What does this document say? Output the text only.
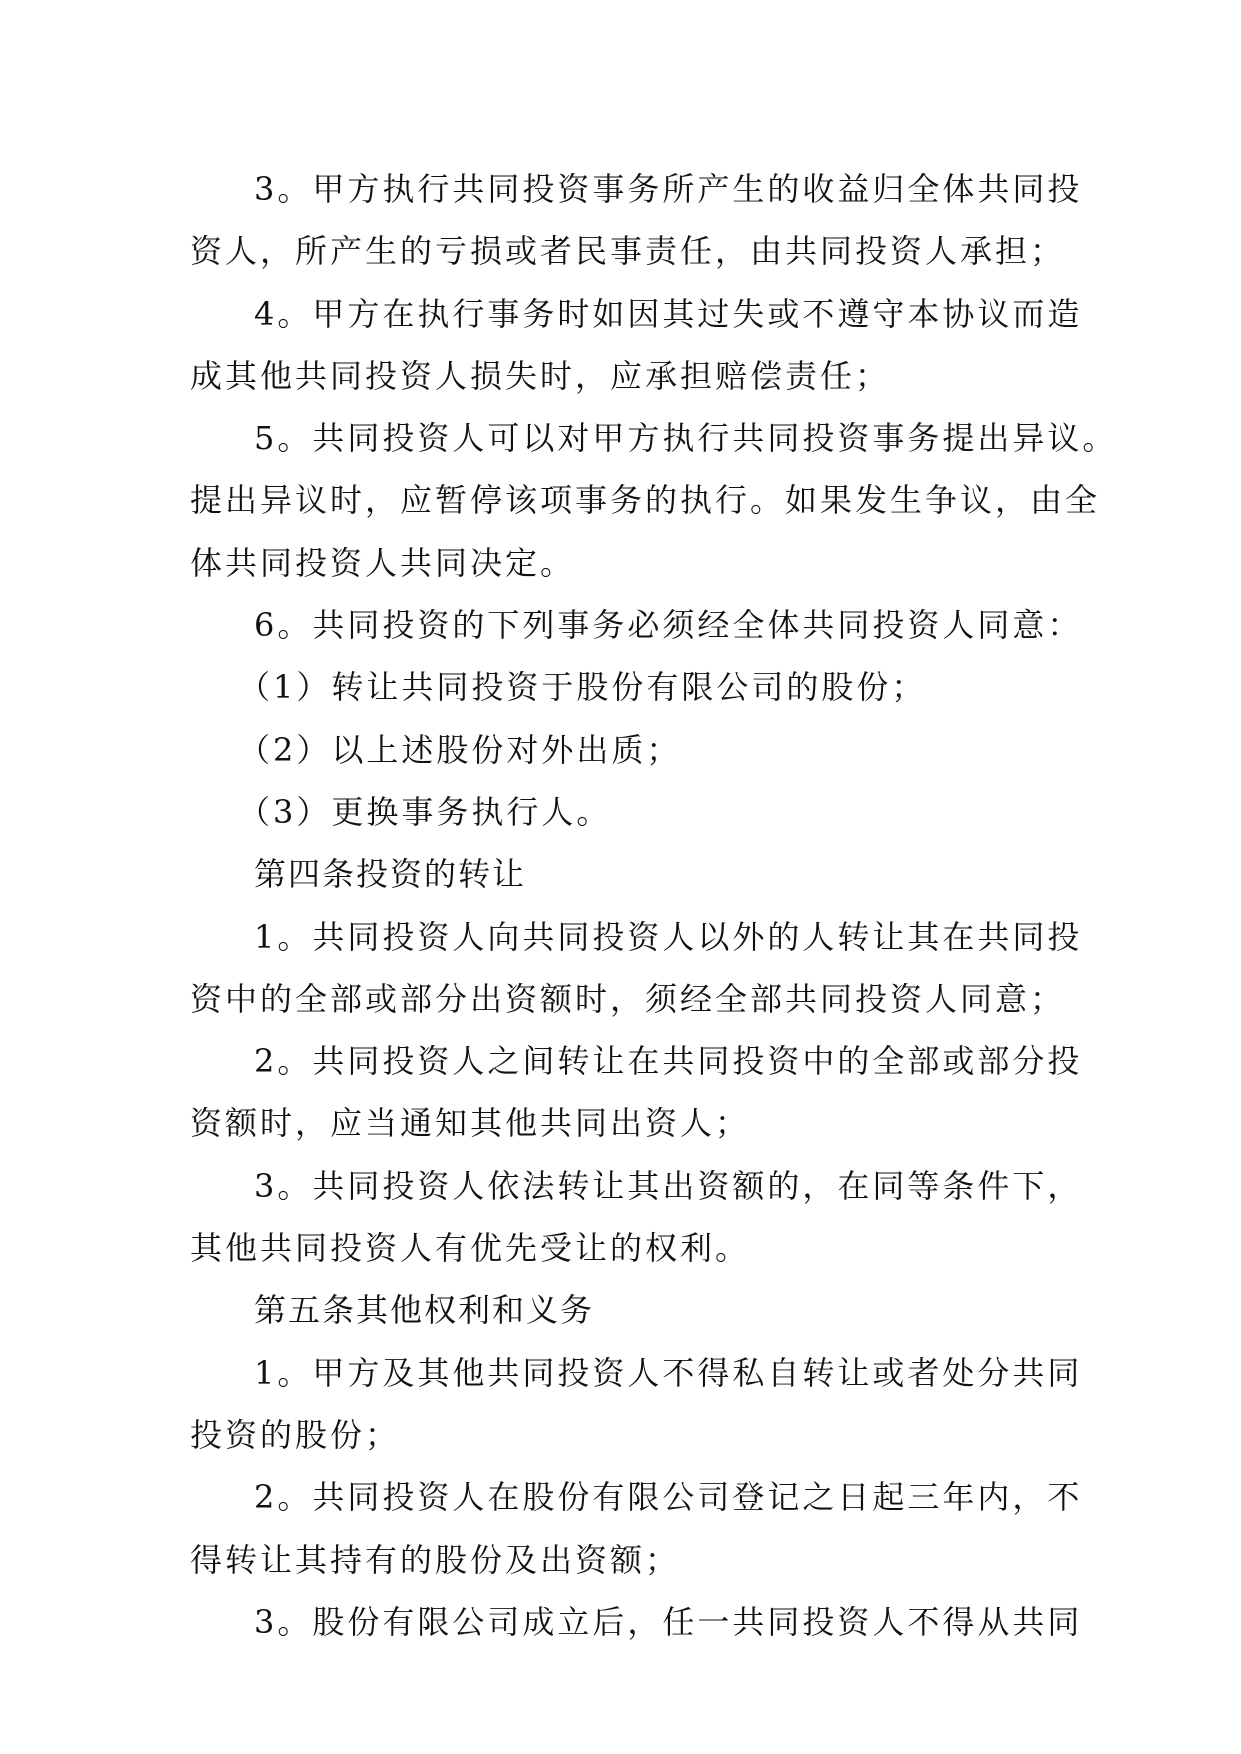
3。甲方执行共同投资事务所产生的收益归全体共同投
资人，所产生的亏损或者民事责任，由共同投资人承担；
4。甲方在执行事务时如因其过失或不遵守本协议而造
成其他共同投资人损失时，应承担赔偿责任；
5。共同投资人可以对甲方执行共同投资事务提出异议。
提出异议时，应暂停该项事务的执行。如果发生争议，由全
体共同投资人共同决定。
6。共同投资的下列事务必须经全体共同投资人同意：
（1）转让共同投资于股份有限公司的股份；
（2）以上述股份对外出质；
（3）更换事务执行人。
第四条投资的转让
1。共同投资人向共同投资人以外的人转让其在共同投
资中的全部或部分出资额时，须经全部共同投资人同意；
2。共同投资人之间转让在共同投资中的全部或部分投
资额时，应当通知其他共同出资人；
3。共同投资人依法转让其出资额的，在同等条件下，
其他共同投资人有优先受让的权利。
第五条其他权利和义务
1。甲方及其他共同投资人不得私自转让或者处分共同
投资的股份；
2。共同投资人在股份有限公司登记之日起三年内，不
得转让其持有的股份及出资额；
3。股份有限公司成立后，任一共同投资人不得从共同
